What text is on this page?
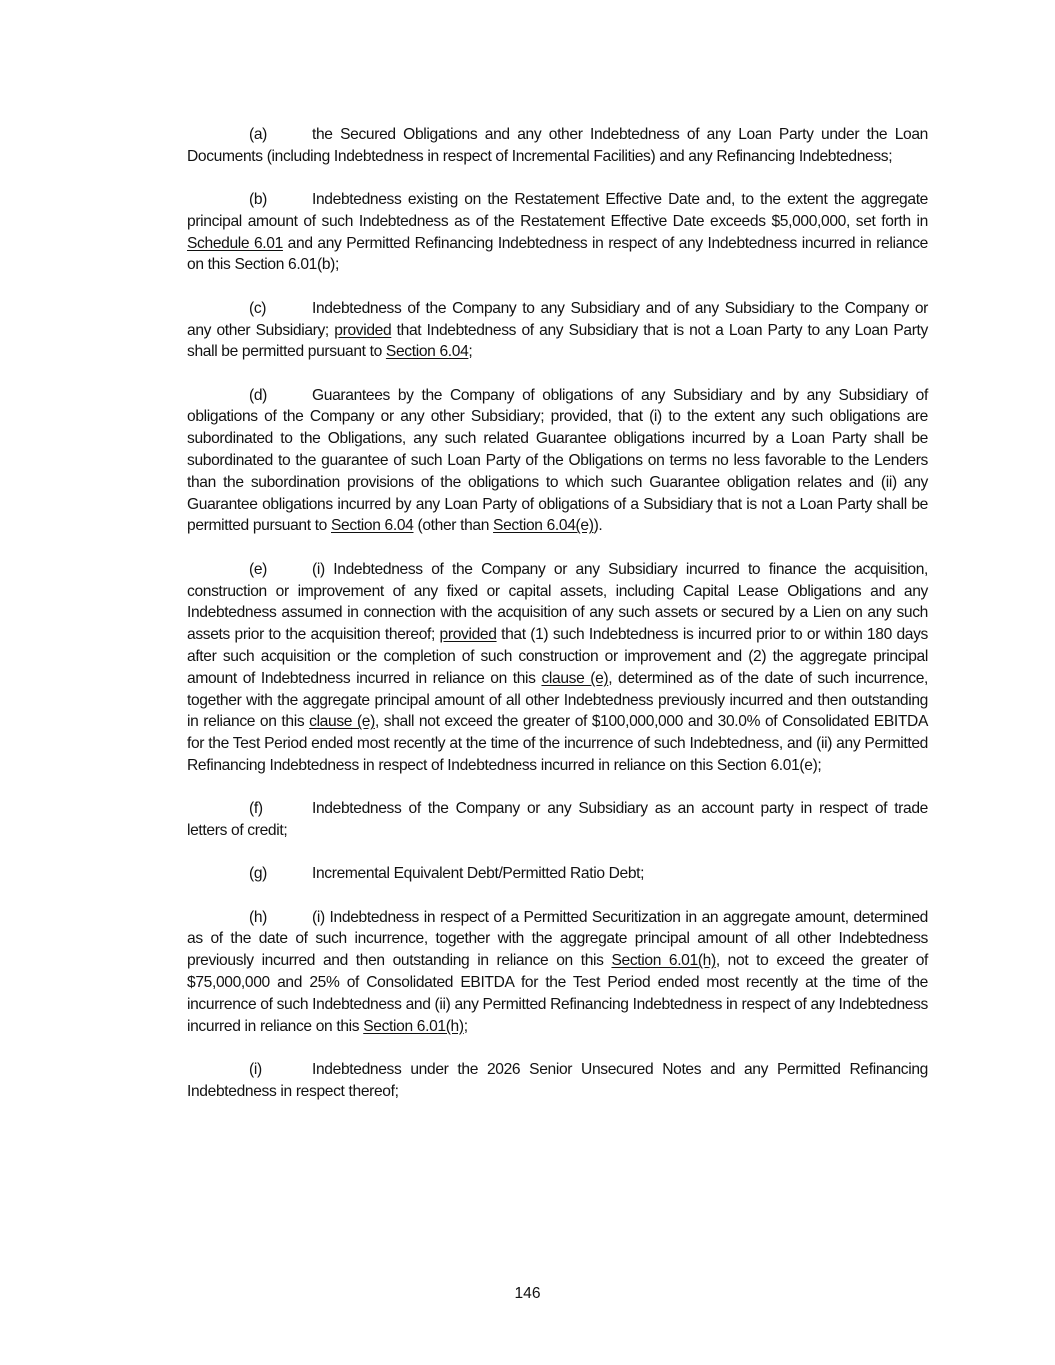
(a)	the Secured Obligations and any other Indebtedness of any Loan Party under the Loan Documents (including Indebtedness in respect of Incremental Facilities) and any Refinancing Indebtedness;

(b)	Indebtedness existing on the Restatement Effective Date and, to the extent the aggregate principal amount of such Indebtedness as of the Restatement Effective Date exceeds $5,000,000, set forth in Schedule 6.01 and any Permitted Refinancing Indebtedness in respect of any Indebtedness incurred in reliance on this Section 6.01(b);

(c)	Indebtedness of the Company to any Subsidiary and of any Subsidiary to the Company or any other Subsidiary; provided that Indebtedness of any Subsidiary that is not a Loan Party to any Loan Party shall be permitted pursuant to Section 6.04;

(d)	Guarantees by the Company of obligations of any Subsidiary and by any Subsidiary of obligations of the Company or any other Subsidiary; provided, that (i) to the extent any such obligations are subordinated to the Obligations, any such related Guarantee obligations incurred by a Loan Party shall be subordinated to the guarantee of such Loan Party of the Obligations on terms no less favorable to the Lenders than the subordination provisions of the obligations to which such Guarantee obligation relates and (ii) any Guarantee obligations incurred by any Loan Party of obligations of a Subsidiary that is not a Loan Party shall be permitted pursuant to Section 6.04 (other than Section 6.04(e)).

(e)	(i) Indebtedness of the Company or any Subsidiary incurred to finance the acquisition, construction or improvement of any fixed or capital assets, including Capital Lease Obligations and any Indebtedness assumed in connection with the acquisition of any such assets or secured by a Lien on any such assets prior to the acquisition thereof; provided that (1) such Indebtedness is incurred prior to or within 180 days after such acquisition or the completion of such construction or improvement and (2) the aggregate principal amount of Indebtedness incurred in reliance on this clause (e), determined as of the date of such incurrence, together with the aggregate principal amount of all other Indebtedness previously incurred and then outstanding in reliance on this clause (e), shall not exceed the greater of $100,000,000 and 30.0% of Consolidated EBITDA for the Test Period ended most recently at the time of the incurrence of such Indebtedness, and (ii) any Permitted Refinancing Indebtedness in respect of Indebtedness incurred in reliance on this Section 6.01(e);

(f)	Indebtedness of the Company or any Subsidiary as an account party in respect of trade letters of credit;

(g)	Incremental Equivalent Debt/Permitted Ratio Debt;

(h)	(i) Indebtedness in respect of a Permitted Securitization in an aggregate amount, determined as of the date of such incurrence, together with the aggregate principal amount of all other Indebtedness previously incurred and then outstanding in reliance on this Section 6.01(h), not to exceed the greater of $75,000,000 and 25% of Consolidated EBITDA for the Test Period ended most recently at the time of the incurrence of such Indebtedness and (ii) any Permitted Refinancing Indebtedness in respect of any Indebtedness incurred in reliance on this Section 6.01(h);

(i)	Indebtedness under the 2026 Senior Unsecured Notes and any Permitted Refinancing Indebtedness in respect thereof;

146
